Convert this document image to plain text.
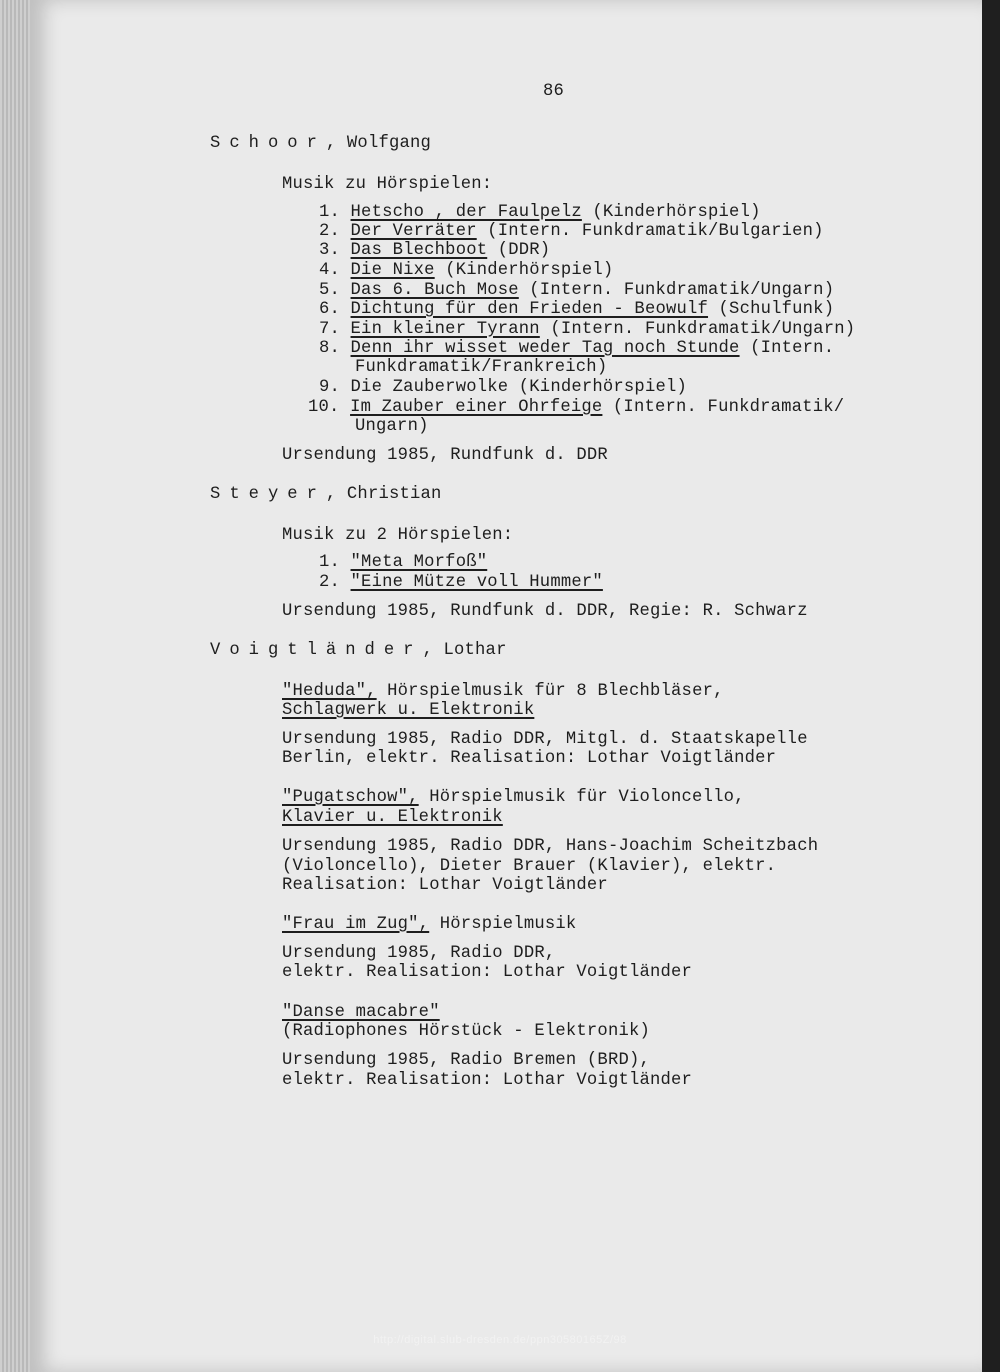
86
Schoor, Wolfgang
Musik zu Hörspielen:
1. Hetscho , der Faulpelz (Kinderhörspiel)
2. Der Verräter (Intern. Funkdramatik/Bulgarien)
3. Das Blechboot (DDR)
4. Die Nixe (Kinderhörspiel)
5. Das 6. Buch Mose (Intern. Funkdramatik/Ungarn)
6. Dichtung für den Frieden - Beowulf (Schulfunk)
7. Ein kleiner Tyrann (Intern. Funkdramatik/Ungarn)
8. Denn ihr wisset weder Tag noch Stunde (Intern.
Funkdramatik/Frankreich)
9. Die Zauberwolke (Kinderhörspiel)
10. Im Zauber einer Ohrfeige (Intern. Funkdramatik/
Ungarn)
Ursendung 1985, Rundfunk d. DDR
Steyer, Christian
Musik zu 2 Hörspielen:
1. "Meta Morfoß"
2. "Eine Mütze voll Hummer"
Ursendung 1985, Rundfunk d. DDR, Regie: R. Schwarz
Voigtländer, Lothar
"Heduda", Hörspielmusik für 8 Blechbläser,
Schlagwerk u. Elektronik
Ursendung 1985, Radio DDR, Mitgl. d. Staatskapelle
Berlin, elektr. Realisation: Lothar Voigtländer
"Pugatschow", Hörspielmusik für Violoncello,
Klavier u. Elektronik
Ursendung 1985, Radio DDR, Hans-Joachim Scheitzbach
(Violoncello), Dieter Brauer (Klavier), elektr.
Realisation: Lothar Voigtländer
"Frau im Zug", Hörspielmusik
Ursendung 1985, Radio DDR,
elektr. Realisation: Lothar Voigtländer
"Danse macabre"
(Radiophones Hörstück - Elektronik)
Ursendung 1985, Radio Bremen (BRD),
elektr. Realisation: Lothar Voigtländer
http://digital.slub-dresden.de/ppn30580165Z/98
